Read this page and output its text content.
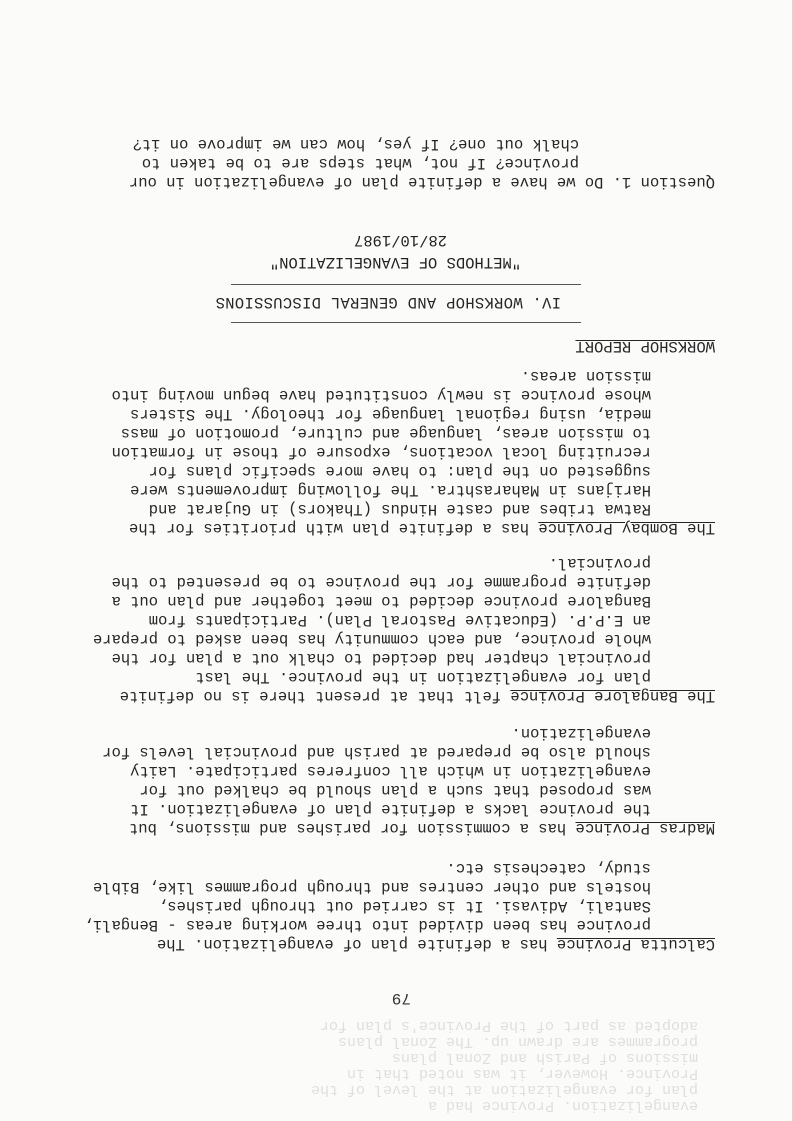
evangelization. Province had a
plan for evangelization at the level of the
Province. However, it was noted that in
missions of Parish and Zonal plans
programmes are drawn up. The Zonal plans
adopted as part of the Province's plan for
IV. WORKSHOP AND GENERAL DISCUSSIONS
"METHODS OF EVANGELIZATION"
28/10/1987
79
Calcutta Province has a definite plan of evangelization. The
province has been divided into three working areas - Bengali,
Santali, Adivasi. It is carried out through parishes,
hostels and other centres and through programmes like, Bible
study, catechesis etc.
Madras Province has a commission for parishes and missions, but
the province lacks a definite plan of evangelization. It
was proposed that such a plan should be chalked out for
evangelization in which all confreres participate. Laity
should also be prepared at parish and provincial levels for
evangelization.
The Bangalore Province felt that at present there is no definite
plan for evangelization in the province. The last
provincial chapter had decided to chalk out a plan for the
whole province, and each community has been asked to prepare
an E.P.P. (Educative Pastoral Plan). Participants from
Bangalore province decided to meet together and plan out a
definite programme for the province to be presented to the
provincial.
The Bombay Province has a definite plan with priorities for the
Ratwa tribes and caste Hindus (Thakors) in Gujarat and
Harijans in Maharashtra. The following improvements were
suggested on the plan: to have more specific plans for
recruiting local vocations, exposure of those in formation
to mission areas, language and culture, promotion of mass
media, using regional language for theology. The Sisters
whose province is newly constituted have begun moving into
mission areas.
WORKSHOP REPORT
Question 1. Do we have a definite plan of evangelization in our
province? If not, what steps are to be taken to
chalk out one? If yes, how can we improve on it?
